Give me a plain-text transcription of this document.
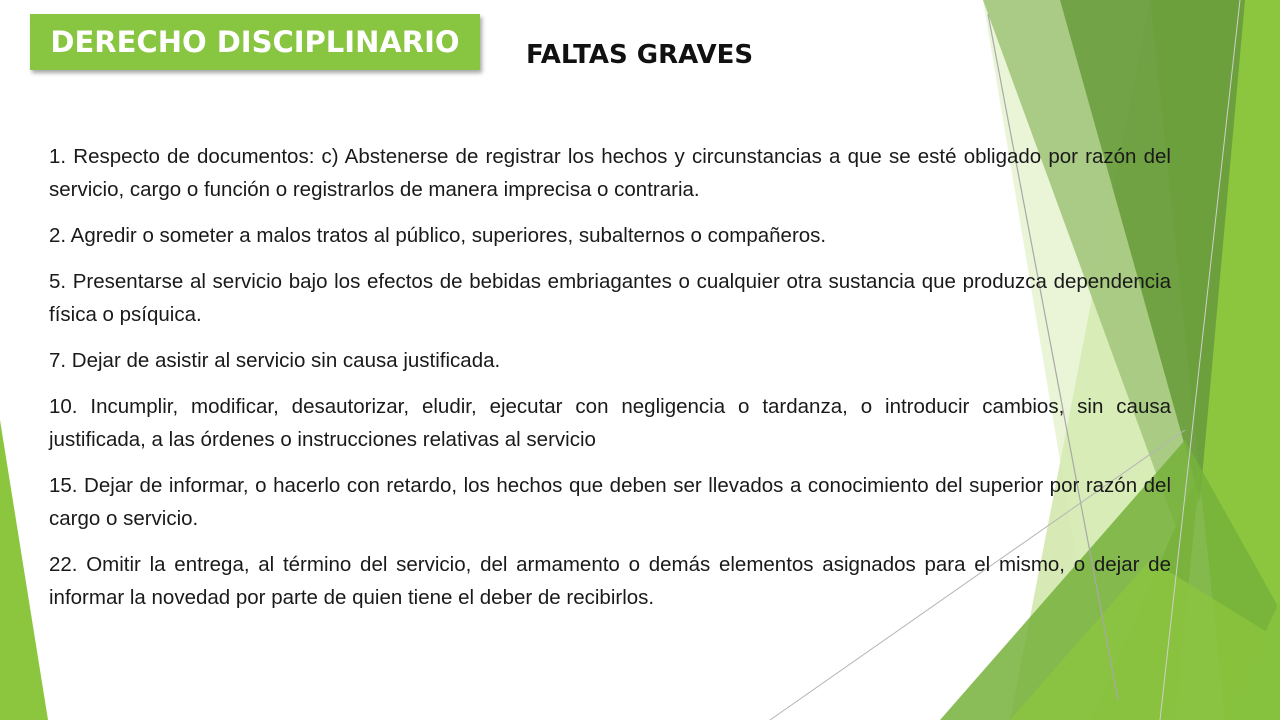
DERECHO DISCIPLINARIO	FALTAS GRAVES

1. Respecto de documentos: c) Abstenerse de registrar los hechos y circunstancias a que se esté obligado por razón del servicio, cargo o función o registrarlos de manera imprecisa o contraria.

2. Agredir o someter a malos tratos al público, superiores, subalternos o compañeros.

5. Presentarse al servicio bajo los efectos de bebidas embriagantes o cualquier otra sustancia que produzca dependencia física o psíquica.

7. Dejar de asistir al servicio sin causa justificada.

10. Incumplir, modificar, desautorizar, eludir, ejecutar con negligencia o tardanza, o introducir cambios, sin causa justificada, a las órdenes o instrucciones relativas al servicio

15. Dejar de informar, o hacerlo con retardo, los hechos que deben ser llevados a conocimiento del superior por razón del cargo o servicio.

22. Omitir la entrega, al término del servicio, del armamento o demás elementos asignados para el mismo, o dejar de informar la novedad por parte de quien tiene el deber de recibirlos.
